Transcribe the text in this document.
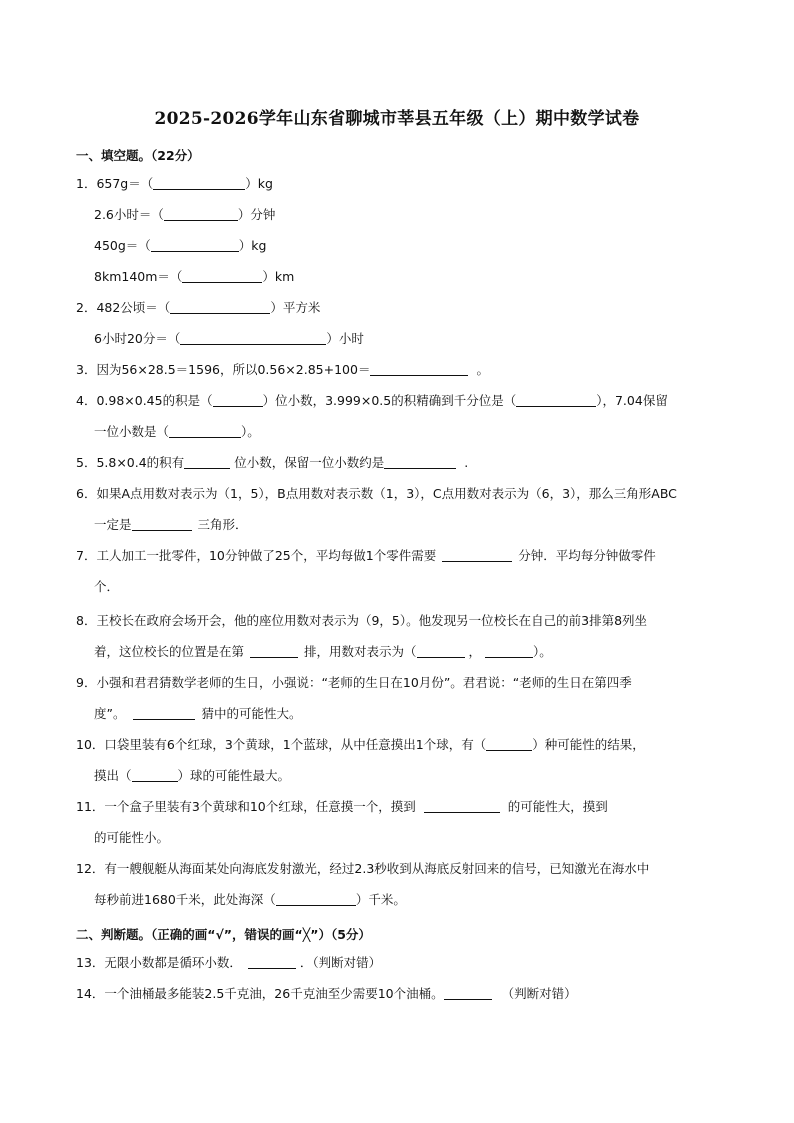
2025-2026学年山东省聊城市莘县五年级（上）期中数学试卷
一、填空题。（22分）
1．657g＝（	）kg
2.6小时＝（	）分钟
450g＝（	）kg
8km140m＝（	）km
2．482公顷＝（	）平方米
6小时20分＝（	）小时
3．因为56×28.5＝1596，所以0.56×2.85+100＝	。
4．0.98×0.45的积是（	）位小数，3.999×0.5的积精确到千分位是（	），7.04保留
一位小数是（	）。
5．5.8×0.4的积有	位小数，保留一位小数约是	.
6．如果A点用数对表示为（1，5），B点用数对表示数（1，3），C点用数对表示为（6，3），那么三角形ABC
一定是	三角形．
7．工人加工一批零件，10分钟做了25个，平均每做1个零件需要	分钟．平均每分钟做零件
个．
8．王校长在政府会场开会，他的座位用数对表示为（9，5）。他发现另一位校长在自己的前3排第8列坐
着，这位校长的位置是在第	排，用数对表示为（	，	）。
9．小强和君君猜数学老师的生日，小强说：“老师的生日在10月份”。君君说：“老师的生日在第四季
度”。	猜中的可能性大。
10．口袋里装有6个红球，3个黄球，1个蓝球，从中任意摸出1个球，有（	）种可能性的结果，
摸出（	）球的可能性最大。
11．一个盒子里装有3个黄球和10个红球，任意摸一个，摸到	的可能性大，摸到
的可能性小。
12．有一艘舰艇从海面某处向海底发射激光，经过2.3秒收到从海底反射回来的信号，已知激光在海水中
每秒前进1680千米，此处海深（	）千米。
二、判断题。（正确的画“√”，错误的画“╳”）（5分）
13．无限小数都是循环小数．	．（判断对错）
14．一个油桶最多能装2.5千克油，26千克油至少需要10个油桶。	（判断对错）
